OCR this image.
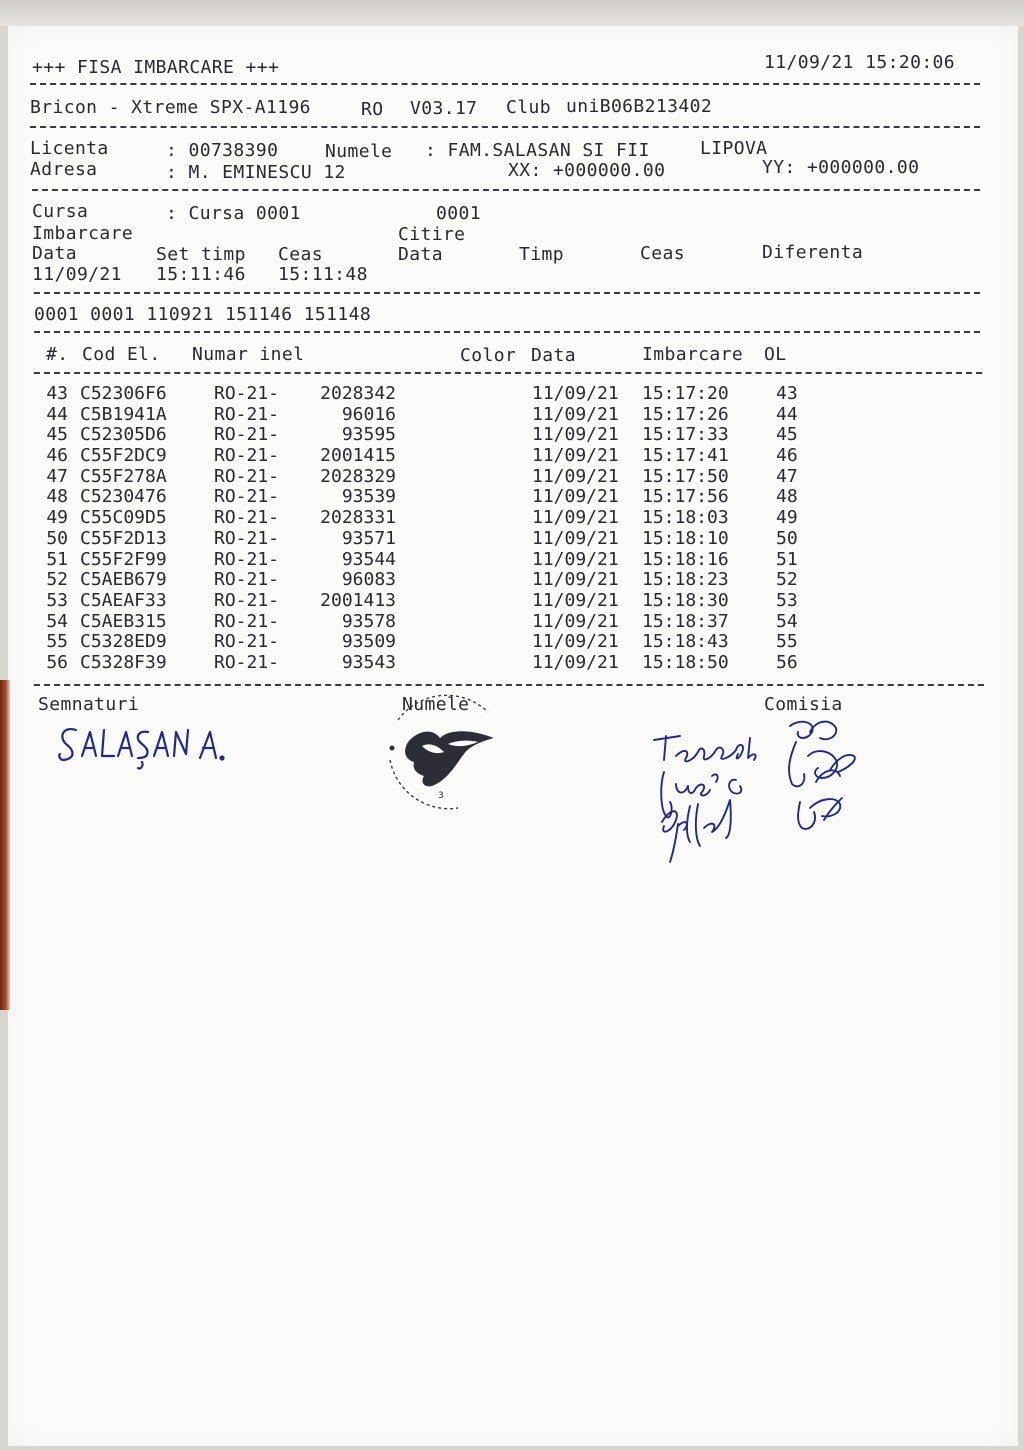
+++ FISA IMBARCARE +++	11/09/21 15:20:06
Bricon - Xtreme SPX-A1196	RO V03.17 Club uniB06B213402
Licenta	: 00738390	Numele : FAM.SALASAN SI FII	LIPOVA
Adresa	: M. EMINESCU 12	XX: +000000.00	YY: +000000.00
Cursa	: Cursa 0001	0001
Imbarcare	Citire
Data	Set timp Ceas	Data	Timp	Ceas	Diferenta
11/09/21 15:11:46 15:11:48
0001 0001 110921 151146 151148
#. Cod El. Numar inel	Color Data	Imbarcare OL
43 C52306F6	RO-21-	2028342	11/09/21 15:17:20	43
44 C5B1941A	RO-21-	96016	11/09/21 15:17:26	44
45 C52305D6	RO-21-	93595	11/09/21 15:17:33	45
46 C55F2DC9	RO-21-	2001415	11/09/21 15:17:41	46
47 C55F278A	RO-21-	2028329	11/09/21 15:17:50	47
48 C5230476	RO-21-	93539	11/09/21 15:17:56	48
49 C55C09D5	RO-21-	2028331	11/09/21 15:18:03	49
50 C55F2D13	RO-21-	93571	11/09/21 15:18:10	50
51 C55F2F99	RO-21-	93544	11/09/21 15:18:16	51
52 C5AEB679	RO-21-	96083	11/09/21 15:18:23	52
53 C5AEAF33	RO-21-	2001413	11/09/21 15:18:30	53
54 C5AEB315	RO-21-	93578	11/09/21 15:18:37	54
55 C5328ED9	RO-21-	93509	11/09/21 15:18:43	55
56 C5328F39	RO-21-	93543	11/09/21 15:18:50	56
Semnaturi	Numele	Comisia
3
